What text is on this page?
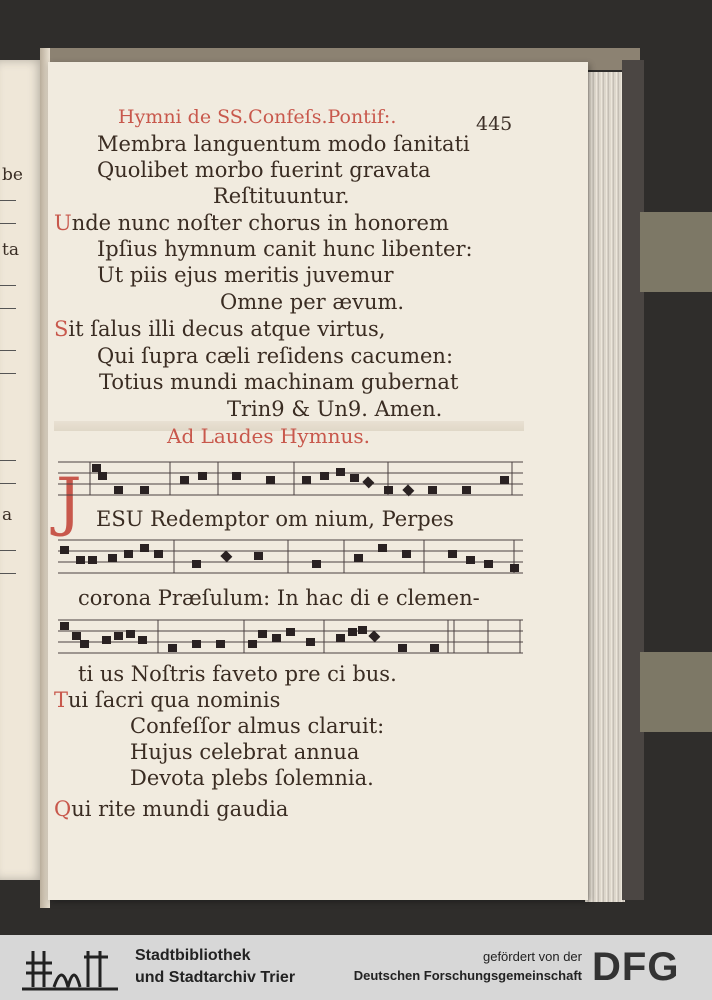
be
ta
a
Hymni de SS.Confeſs.Pontif:.	445
Membra languentum modo ſanitati
Quolibet morbo fuerint gravata
Reſtituuntur.
Unde nunc noſter chorus in honorem
Ipſius hymnum canit hunc libenter:
Ut piis ejus meritis juvemur
Omne per ævum.
Sit ſalus illi decus atque virtus,
Qui ſupra cæli reſidens cacumen:
Totius mundi machinam gubernat
Trin9 & Un9. Amen.
Ad Laudes Hymnus.
J ESU Redemptor om nium, Perpes
corona Præſulum: In hac di e clemen-
ti us Noſtris faveto pre ci bus.
Tui ſacri qua nominis
Confeſſor almus claruit:
Hujus celebrat annua
Devota plebs ſolemnia.
Qui rite mundi gaudia
Stadtbibliothek
und Stadtarchiv Trier
gefördert von der
Deutschen Forschungsgemeinschaft DFG
